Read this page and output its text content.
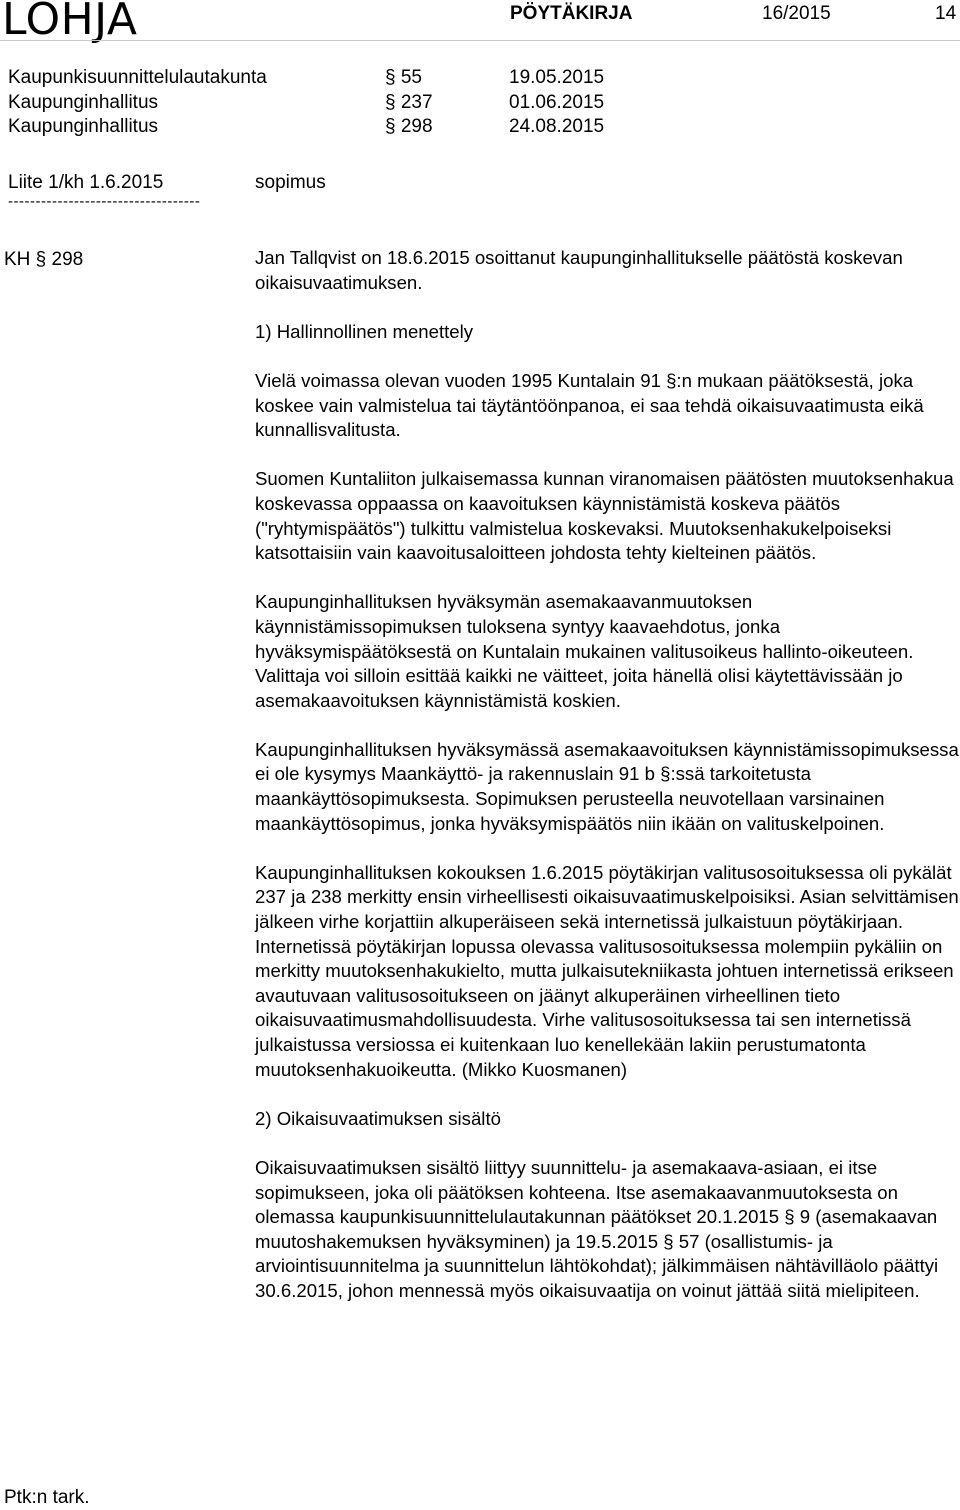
LOHJA	PÖYTÄKIRJA	16/2015	14
Kaupunkisuunnittelulautakunta	§ 55	19.05.2015
Kaupunginhallitus	§ 237	01.06.2015
Kaupunginhallitus	§ 298	24.08.2015
Liite 1/kh 1.6.2015	sopimus
-----------------------------------
KH § 298	Jan Tallqvist on 18.6.2015 osoittanut kaupunginhallitukselle päätöstä koskevan oikaisuvaatimuksen.

1) Hallinnollinen menettely

Vielä voimassa olevan vuoden 1995 Kuntalain 91 §:n mukaan päätöksestä, joka koskee vain valmistelua tai täytäntöönpanoa, ei saa tehdä oikaisuvaatimusta eikä kunnallisvalitusta.

Suomen Kuntaliiton julkaisemassa kunnan viranomaisen päätösten muutoksenhakua koskevassa oppaassa on kaavoituksen käynnistämistä koskeva päätös ("ryhtymispäätös") tulkittu valmistelua koskevaksi. Muutoksenhakukelpoiseksi katsottaisiin vain kaavoitusaloitteen johdosta tehty kielteinen päätös.

Kaupunginhallituksen hyväksymän asemakaavanmuutoksen käynnistämissopimuksen tuloksena syntyy kaavaehdotus, jonka hyväksymispäätöksestä on Kuntalain mukainen valitusoikeus hallinto-oikeuteen. Valittaja voi silloin esittää kaikki ne väitteet, joita hänellä olisi käytettävissään jo asemakaavoituksen käynnistämistä koskien.

Kaupunginhallituksen hyväksymässä asemakaavoituksen käynnistämissopimuksessa ei ole kysymys Maankäyttö- ja rakennuslain 91 b §:ssä tarkoitetusta maankäyttösopimuksesta. Sopimuksen perusteella neuvotellaan varsinainen maankäyttösopimus, jonka hyväksymispäätös niin ikään on valituskelpoinen.

Kaupunginhallituksen kokouksen 1.6.2015 pöytäkirjan valitusosoituksessa oli pykälät 237 ja 238 merkitty ensin virheellisesti oikaisuvaatimuskelpoisiksi. Asian selvittämisen jälkeen virhe korjattiin alkuperäiseen sekä internetissä julkaistuun pöytäkirjaan. Internetissä pöytäkirjan lopussa olevassa valitusosoituksessa molempiin pykäliin on merkitty muutoksenhakukielto, mutta julkaisutekniikasta johtuen internetissä erikseen avautuvaan valitusosoitukseen on jäänyt alkuperäinen virheellinen tieto oikaisuvaatimusmahdollisuudesta. Virhe valitusosoituksessa tai sen internetissä julkaistussa versiossa ei kuitenkaan luo kenellekään lakiin perustumatonta muutoksenhakuoikeutta. (Mikko Kuosmanen)

2) Oikaisuvaatimuksen sisältö

Oikaisuvaatimuksen sisältö liittyy suunnittelu- ja asemakaava-asiaan, ei itse sopimukseen, joka oli päätöksen kohteena. Itse asemakaavanmuutoksesta on olemassa kaupunkisuunnittelulautakunnan päätökset 20.1.2015 § 9 (asemakaavan muutoshakemuksen hyväksyminen) ja 19.5.2015 § 57 (osallistumis- ja arviointisuunnitelma ja suunnittelun lähtökohdat); jälkimmäisen nähtävilläolo päättyi 30.6.2015, johon mennessä myös oikaisuvaatija on voinut jättää siitä mielipiteen.

Ptk:n tark.
